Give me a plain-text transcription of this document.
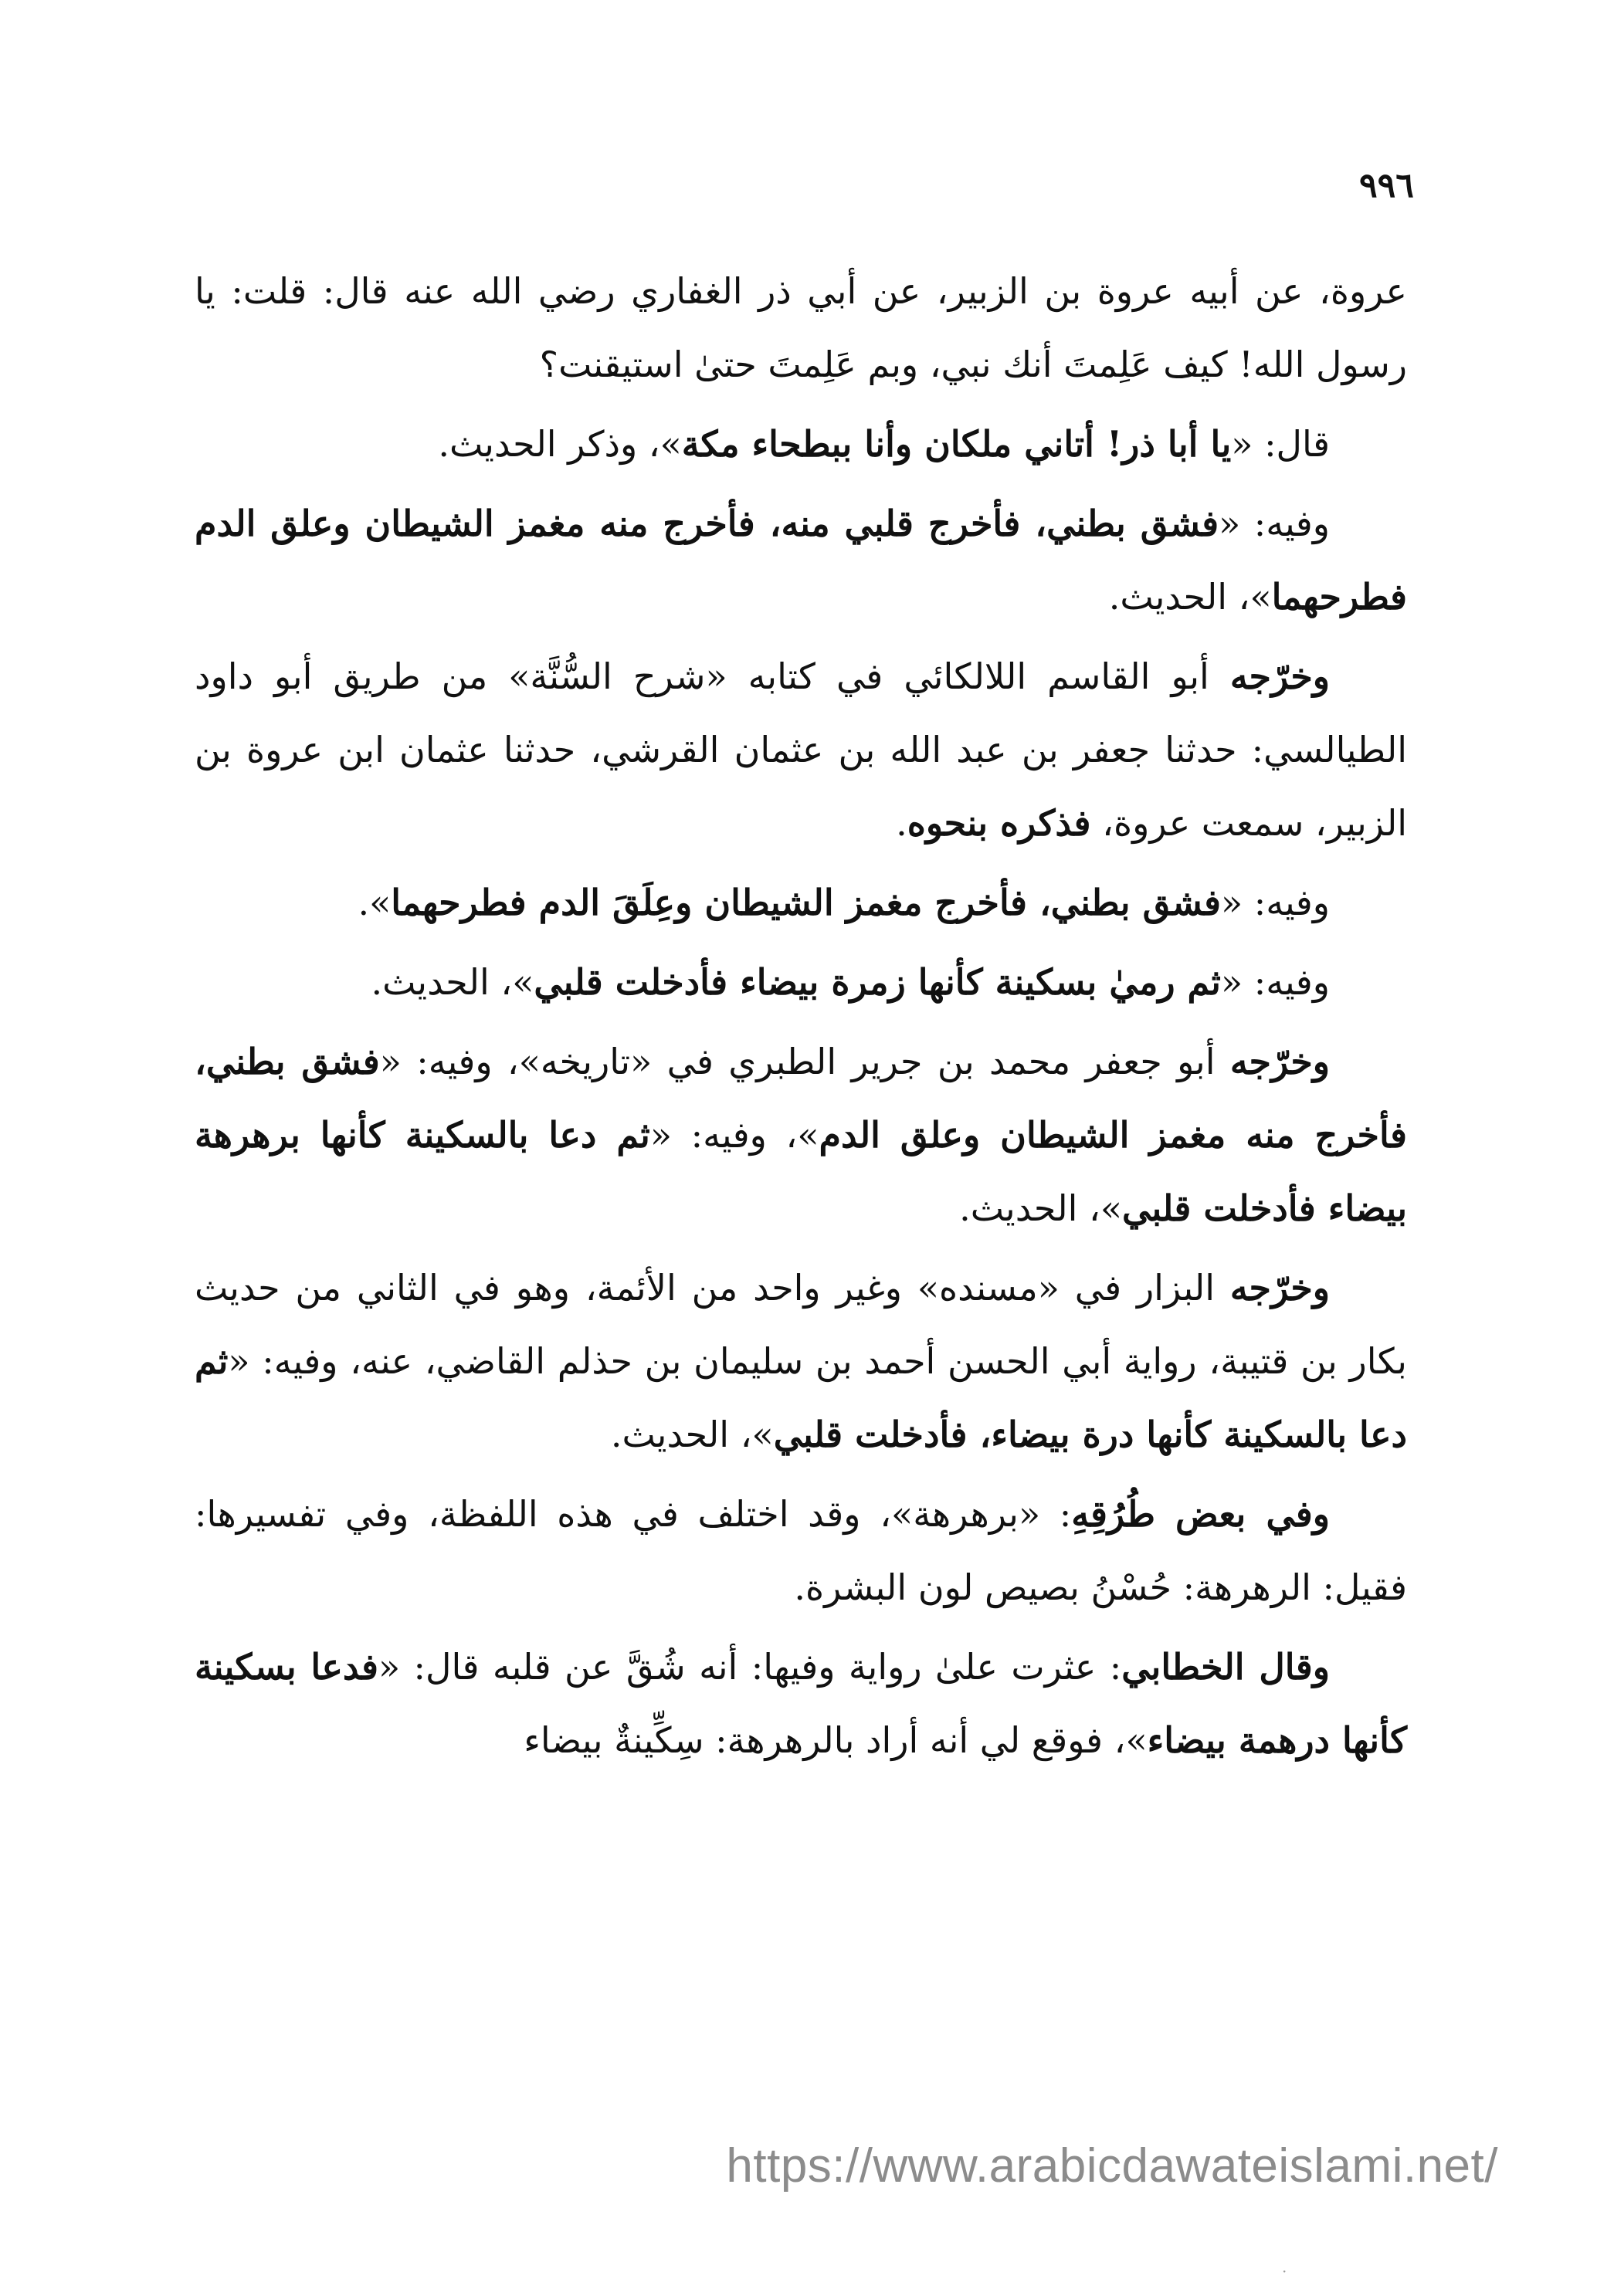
٩٩٦

عروة، عن أبيه عروة بن الزبير، عن أبي ذر الغفاري رضي الله عنه قال: قلت: يا رسول الله! كيف عَلِمتَ أنك نبي، وبم عَلِمتَ حتىٰ استيقنت؟

قال: «يا أبا ذر! أتاني ملكان وأنا ببطحاء مكة»، وذكر الحديث.

وفيه: «فشق بطني، فأخرج قلبي منه، فأخرج منه مغمز الشيطان وعلق الدم فطرحهما»، الحديث.

وخرّجه أبو القاسم اللالكائي في كتابه «شرح السُّنَّة» من طريق أبو داود الطيالسي: حدثنا جعفر بن عبد الله بن عثمان القرشي، حدثنا عثمان ابن عروة بن الزبير، سمعت عروة، فذكره بنحوه.

وفيه: «فشق بطني، فأخرج مغمز الشيطان وعِلَقَ الدم فطرحهما».

وفيه: «ثم رميٰ بسكينة كأنها زمرة بيضاء فأدخلت قلبي»، الحديث.

وخرّجه أبو جعفر محمد بن جرير الطبري في «تاريخه»، وفيه: «فشق بطني، فأخرج منه مغمز الشيطان وعلق الدم»، وفيه: «ثم دعا بالسكينة كأنها برهرهة بيضاء فأدخلت قلبي»، الحديث.

وخرّجه البزار في «مسنده» وغير واحد من الأئمة، وهو في الثاني من حديث بكار بن قتيبة، رواية أبي الحسن أحمد بن سليمان بن حذلم القاضي، عنه، وفيه: «ثم دعا بالسكينة كأنها درة بيضاء، فأدخلت قلبي»، الحديث.

وفي بعض طُرُقِهِ: «برهرهة»، وقد اختلف في هذه اللفظة، وفي تفسيرها: فقيل: الرهرهة: حُسْنُ بصيص لون البشرة.

وقال الخطابي: عثرت علىٰ رواية وفيها: أنه شُقَّ عن قلبه قال: «فدعا بسكينة كأنها درهمة بيضاء»، فوقع لي أنه أراد بالرهرهة: سِكِّينةٌ بيضاء

https://www.arabicdawateislami.net/
·
